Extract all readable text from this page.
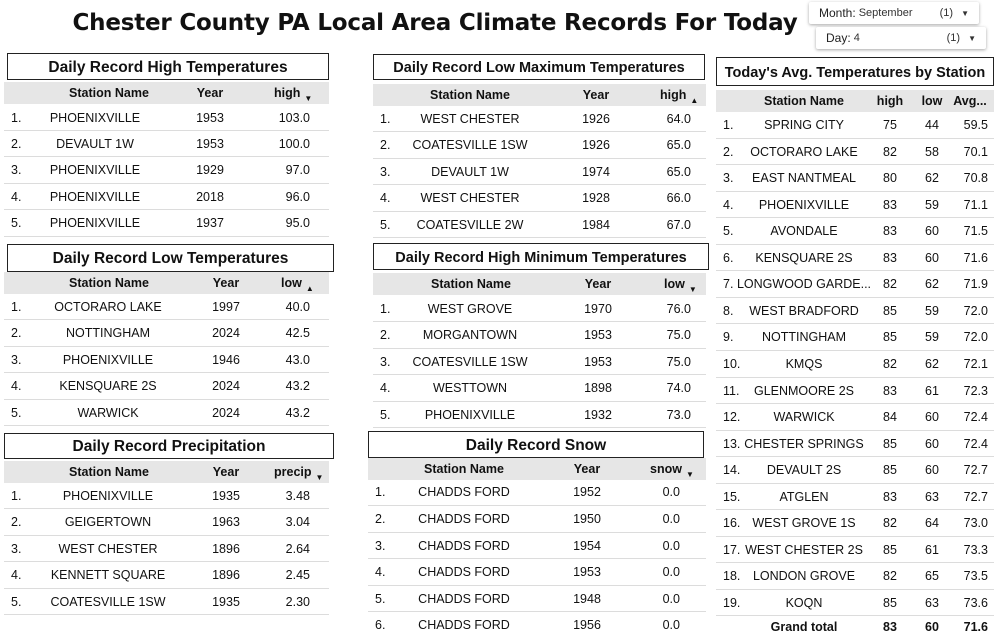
Chester County PA Local Area Climate Records For Today	Month: September (1) ▼
Day: 4	(1) ▼
Daily Record High Temperatures
Station Name	Year	high $_▼$
1. PHOENIXVILLE	1953	103.0
2.	DEVAULT 1W	1953	100.0
3. PHOENIXVILLE	1929	97.0
4. PHOENIXVILLE	2018	96.0
5. PHOENIXVILLE	1937	95.0
Daily Record Low Temperatures
Station Name	Year	low $_▲$
1.	OCTORARO LAKE	1997	40.0
2.	NOTTINGHAM	2024	42.5
3.	PHOENIXVILLE	1946	43.0
4.	KENSQUARE 2S	2024	43.2
5.	WARWICK	2024	43.2
Daily Record Precipitation
Station Name	Year	precip $_▼$
1.	PHOENIXVILLE	1935	3.48
2.	GEIGERTOWN	1963	3.04
3.	WEST CHESTER	1896	2.64
4. KENNETT SQUARE	1896	2.45
5. COATESVILLE 1SW	1935	2.30
Daily Record Low Maximum Temperatures
Station Name	Year	high $_▲$
1. WEST CHESTER	1926	64.0
2. COATESVILLE 1SW	1926	65.0
3.	DEVAULT 1W	1974	65.0
4. WEST CHESTER	1928	66.0
5. COATESVILLE 2W	1984	67.0
Daily Record High Minimum Temperatures
Station Name	Year	low $_▼$
1.	WEST GROVE	1970	76.0
2.	MORGANTOWN	1953	75.0
3. COATESVILLE 1SW	1953	75.0
4.	WESTTOWN	1898	74.0
5.	PHOENIXVILLE	1932	73.0
Daily Record Snow
Station Name	Year	snow $_▼$
1.	CHADDS FORD	1952	0.0
2.	CHADDS FORD	1950	0.0
3.	CHADDS FORD	1954	0.0
4.	CHADDS FORD	1953	0.0
5.	CHADDS FORD	1948	0.0
6.	CHADDS FORD	1956	0.0
Today's Avg. Temperatures by Station
Station Name	high low Avg...
1. SPRING CITY	75 44 59.5
2. OCTORARO LAKE 82 58 70.1
3. EAST NANTMEAL 80 62 70.8
4. PHOENIXVILLE	83 59 71.1
5.	AVONDALE	83 60 71.5
6. KENSQUARE 2S 83 60 71.6
7. LONGWOOD GARDE... 82 62 71.9
8. WEST BRADFORD 85 59 72.0
9. NOTTINGHAM	85 59 72.0
10.	KMQS	82 62 72.1
11. GLENMOORE 2S 83 61 72.3
12.	WARWICK	84 60 72.4
13. CHESTER SPRINGS 85 60 72.4
14. DEVAULT 2S	85 60 72.7
15.	ATGLEN	83 63 72.7
16. WEST GROVE 1S 82 64 73.0
17. WEST CHESTER 2S 85 61 73.3
18. LONDON GROVE 82 65 73.5
19.	KOQN	85 63 73.6
Grand total	83 60 71.6
